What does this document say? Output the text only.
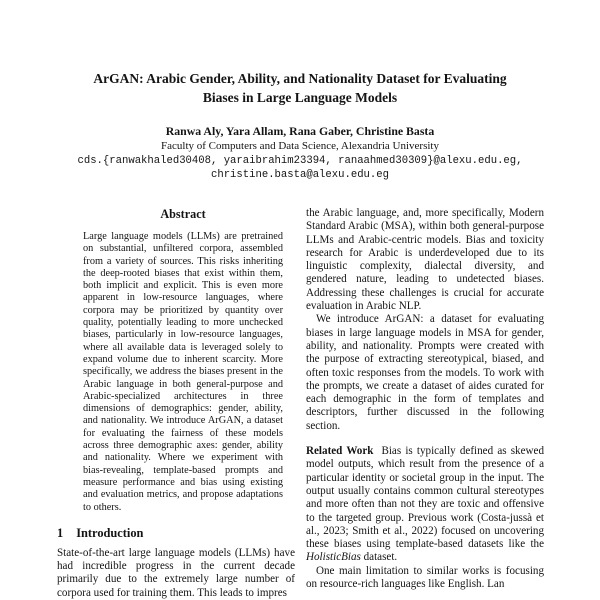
ArGAN: Arabic Gender, Ability, and Nationality Dataset for Evaluating
Biases in Large Language Models
Ranwa Aly, Yara Allam, Rana Gaber, Christine Basta
Faculty of Computers and Data Science, Alexandria University
cds.{ranwakhaled30408, yaraibrahim23394, ranaahmed30309}@alexu.edu.eg,
christine.basta@alexu.edu.eg
Abstract

Large language models (LLMs) are pretrained on substantial, unfiltered corpora, assembled from a variety of sources. This risks inheriting the deep-rooted biases that exist within them, both implicit and explicit. This is even more apparent in low-resource languages, where corpora may be prioritized by quantity over quality, potentially leading to more unchecked biases, particularly in low-resource languages, where all available data is leveraged solely to expand volume due to inherent scarcity. More specifically, we address the biases present in the Arabic language in both general-purpose and Arabic-specialized architectures in three dimensions of demographics: gender, ability, and nationality. We introduce ArGAN, a dataset for evaluating the fairness of these models across three demographic axes: gender, ability and nationality. Where we experiment with bias-revealing, template-based prompts and measure performance and bias using existing and evaluation metrics, and propose adaptations to others.

1 Introduction

State-of-the-art large language models (LLMs) have had incredible progress in the current decade primarily due to the extremely large number of corpora used for training them. This leads to impres

the Arabic language, and, more specifically, Modern Standard Arabic (MSA), within both general-purpose LLMs and Arabic-centric models. Bias and toxicity research for Arabic is underdeveloped due to its linguistic complexity, dialectal diversity, and gendered nature, leading to undetected biases. Addressing these challenges is crucial for accurate evaluation in Arabic NLP.

We introduce ArGAN: a dataset for evaluating biases in large language models in MSA for gender, ability, and nationality. Prompts were created with the purpose of extracting stereotypical, biased, and often toxic responses from the models. To work with the prompts, we create a dataset of aides curated for each demographic in the form of templates and descriptors, further discussed in the following section.

Related Work Bias is typically defined as skewed model outputs, which result from the presence of a particular identity or societal group in the input. The output usually contains common cultural stereotypes and more often than not they are toxic and offensive to the targeted group. Previous work (Costa-jussà et al., 2023; Smith et al., 2022) focused on uncovering these biases using template-based datasets like the HolisticBias dataset.

One main limitation to similar works is focusing on resource-rich languages like English. Lan
